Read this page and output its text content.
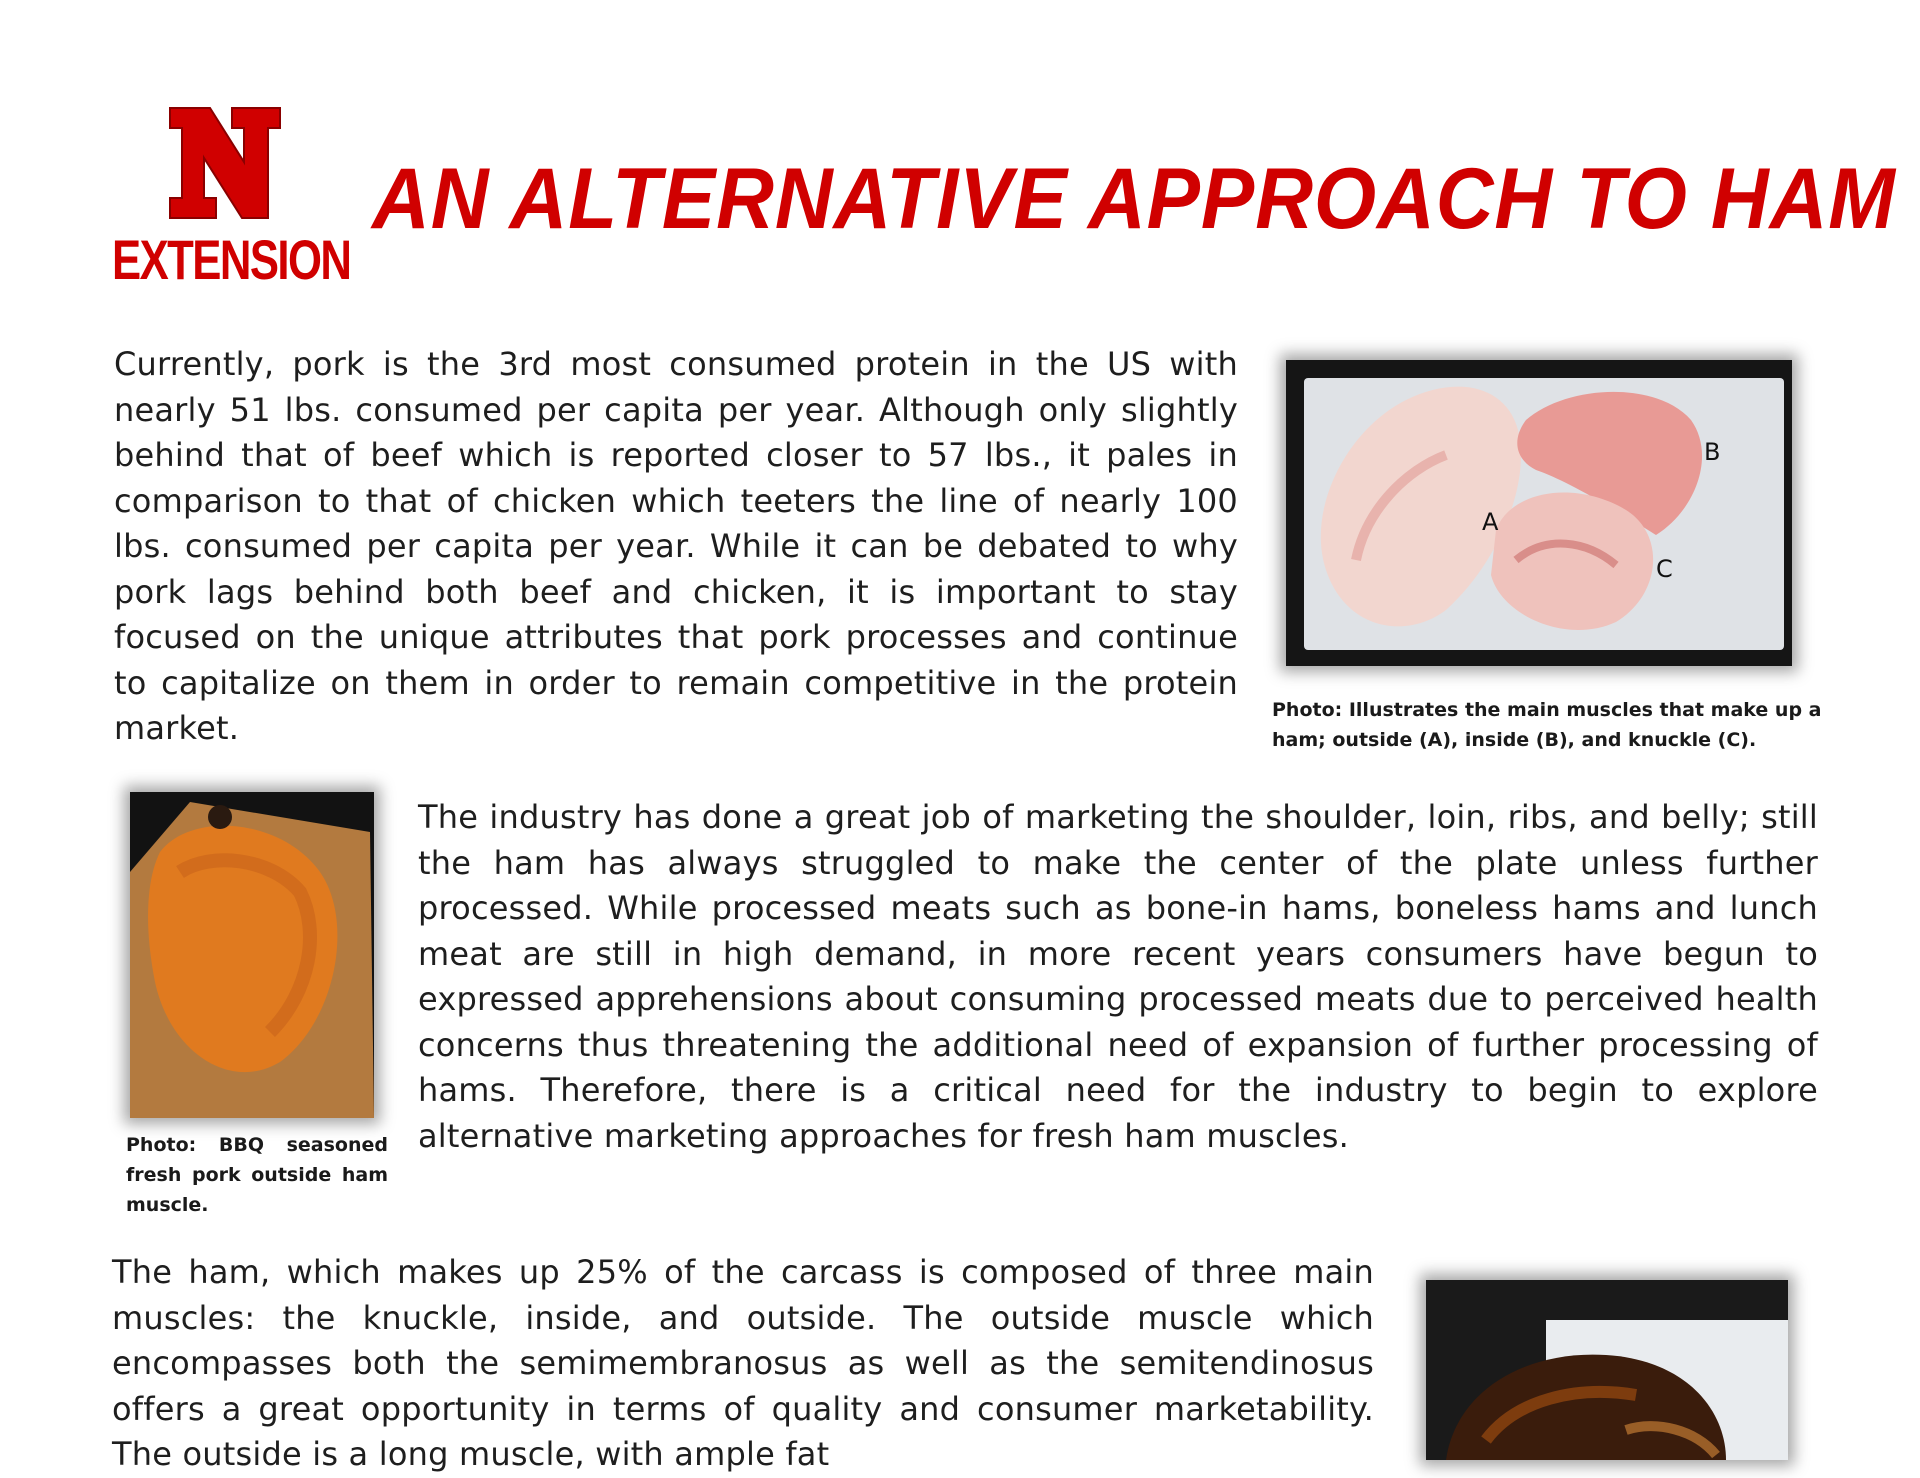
EXTENSION
AN ALTERNATIVE APPROACH TO HAM

Currently, pork is the 3rd most consumed protein in the US with nearly 51 lbs. consumed per capita per year. Although only slightly behind that of beef which is reported closer to 57 lbs., it pales in comparison to that of chicken which teeters the line of nearly 100 lbs. consumed per capita per year. While it can be debated to why pork lags behind both beef and chicken, it is important to stay focused on the unique attributes that pork processes and continue to capitalize on them in order to remain competitive in the protein market.

A
B
C

Photo: Illustrates the main muscles that make up a ham; outside (A), inside (B), and knuckle (C).

Photo: BBQ seasoned fresh pork outside ham muscle.

The industry has done a great job of marketing the shoulder, loin, ribs, and belly; still the ham has always struggled to make the center of the plate unless further processed. While processed meats such as bone-in hams, boneless hams and lunch meat are still in high demand, in more recent years consumers have begun to expressed apprehensions about consuming processed meats due to perceived health concerns thus threatening the additional need of expansion of further processing of hams. Therefore, there is a critical need for the industry to begin to explore alternative marketing approaches for fresh ham muscles.

The ham, which makes up 25% of the carcass is composed of three main muscles: the knuckle, inside, and outside. The outside muscle which encompasses both the semimembranosus as well as the semitendinosus offers a great opportunity in terms of quality and consumer marketability. The outside is a long muscle, with ample fat
